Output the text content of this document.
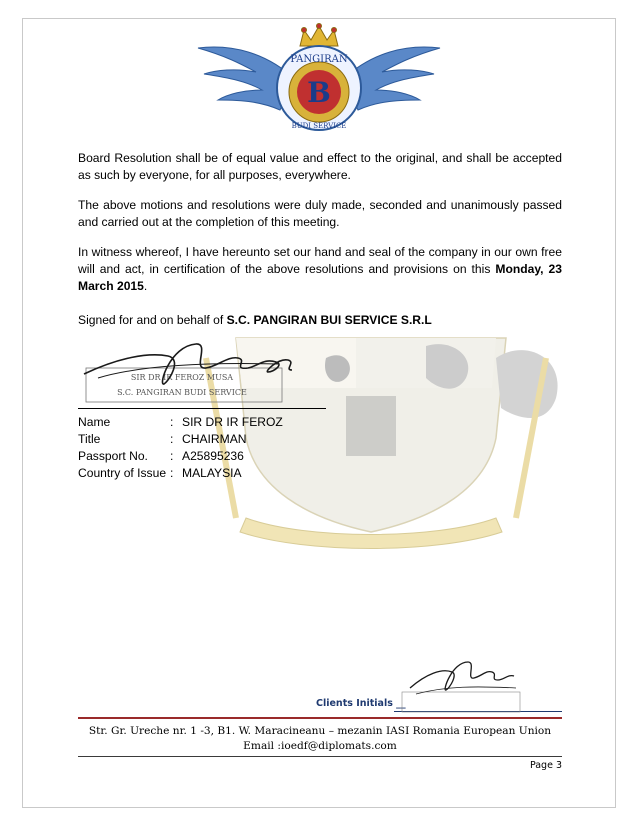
B
PANGIRAN
BUDI SERVICE

Board Resolution shall be of equal value and effect to the original, and shall be accepted as such by everyone, for all purposes, everywhere.

The above motions and resolutions were duly made, seconded and unanimously passed and carried out at the completion of this meeting.

In witness whereof, I have hereunto set our hand and seal of the company in our own free will and act, in certification of the above resolutions and provisions on this Monday, 23 March 2015.

Signed for and on behalf of S.C. PANGIRAN BUI SERVICE S.R.L

SIR DR IR FEROZ MUSA
S.C. PANGIRAN BUDI SERVICE
Name	: SIR DR IR FEROZ
Title	: CHAIRMAN
Passport No.	: A25895236
Country of Issue : MALAYSIA
Clients Initials __
Str. Gr. Ureche nr. 1 -3, B1. W. Maracineanu – mezanin IASI Romania European Union
Email :ioedf@diplomats.com
Page 3
